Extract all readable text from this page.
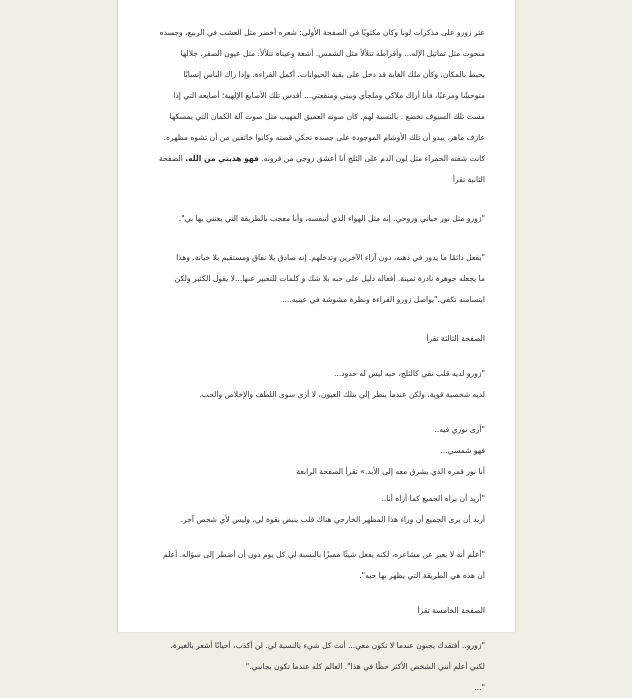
عثر زورو على مذكرات لونا وكان مكتوبًا في الصفحة الأولى: شعره أخضر مثل العشب في الربيع، وجسده

منحوت مثل تماثيل الإله... وأقراطه تتلألأ مثل الشمس. أشعة وعيناه تتلألأ. مثل عيون الصقر، جلالها

يحيط بالمكان، وكأن ملك الغابة قد دخل على بقية الحيوانات. أكمل القراءة. وإذا راك الناس إنسانًا

متوحشًا ومرعبًا، فأنا أراك ملاكي وملجأي وبيتي ومنفعتي... أقدس تلك الأصابع الإلهية؛ أصابعه التي إذا

مست تلك السيوف تخضع . بالنسبة لهم. كان صوته العميق المهيب مثل صوت آلة الكمان التي يمسكها

عازف ماهر. يبدو أن تلك الأوشام الموجودة على جسده تحكي قصته وكانوا خائفين من أن تشوه مظهره.

كانت شفته الحمراء مثل لون الدم على الثلج أنا أعشق زوجي من قرونه. فهو هديتي من الله. الصفحة

الثانية تقرأ

"زورو مثل نور حياتي وروحي. إنه مثل الهواء الذي أتنفسه، وأنا معجب بالطريقة التي يعتني بها بي".

"يفعل دائمًا ما يدور في ذهنه، دون آراء الآخرين وتدخلهم. إنه صادق بلا نفاق ومستقيم بلا خيانة. وهذا

ما يجعله جوهرة نادرة ثمينة. أفعاله دليل على حبه بلا شك و كلمات للتعبير عنها...لا يقول الكثير ولكن

ابتسامته تكفي."يواصل زورو القراءة ونظرة مشوشة في عينيه....

الصفحة الثالثة تقرأ

"زورو لديه قلب نقي كالثلج، حبه ليس له حدود...

لديه شخصية قوية، ولكن عندما ينظر إلي بتلك العيون، لا أرى سوى اللطف والإخلاص والحب.

"أرى نوري فيه..

فهو شمسي...

أنا نور قمره الذي يشرق معه إلى الأبد.» تقرأ الصفحة الرابعة

"أريد أن يراه الجميع كما أراه أنا..

أريد أن يرى الجميع أن وراء هذا المظهر الخارجي هناك قلب ينبض بقوة لي، وليس لأي شخص آخر.

"أعلم أنه لا يعبر عن مشاعره، لكنه يفعل شيئًا مميزًا بالنسبة لي كل يوم دون أن أضطر إلى سؤاله. أعلم

أن هذه هي الطريقة التي يظهر بها حبه".

الصفحة الخامسة تقرأ

"زورو.. أفتقدك بجنون عندما لا تكون معي... أنت كل شيء بالنسبة لي. لن أكذب، أحيانًا أشعر بالغيرة،

لكني أعلم أنني الشخص الأكثر حظًا في هذا". العالم كله عندما تكون بجانبي."

"...
